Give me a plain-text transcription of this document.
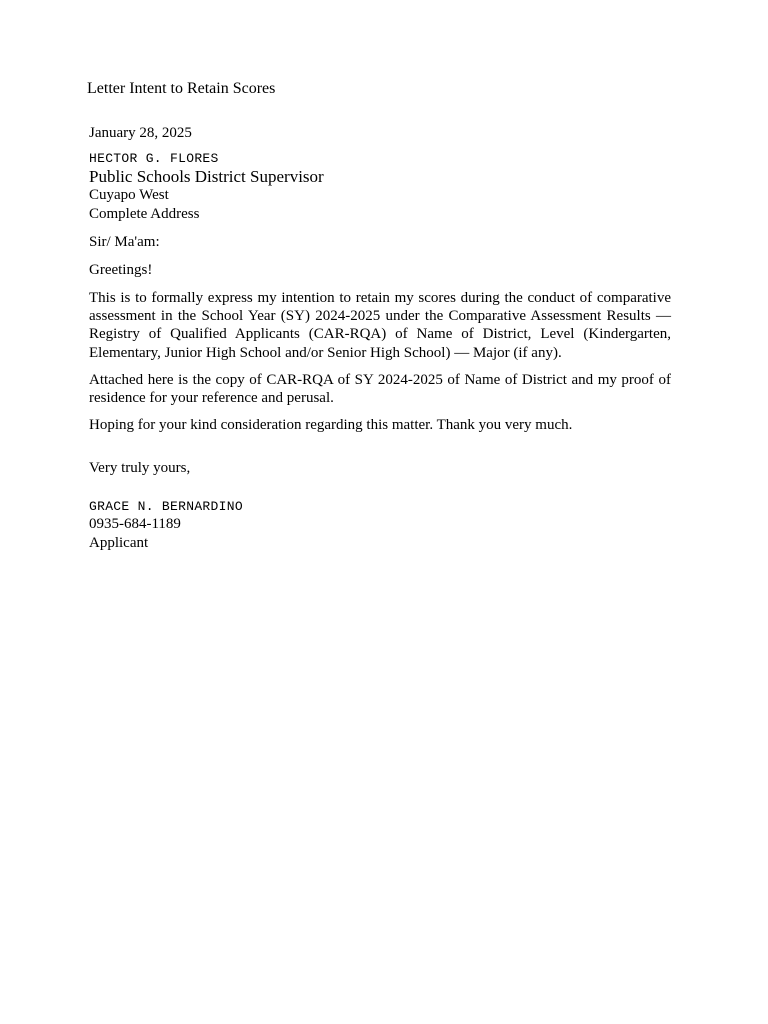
Letter Intent to Retain Scores
January 28, 2025
HECTOR G. FLORES
Public Schools District Supervisor
Cuyapo West
Complete Address
Sir/ Ma'am:
Greetings!
This is to formally express my intention to retain my scores during the conduct of comparative assessment in the School Year (SY) 2024-2025 under the Comparative Assessment Results — Registry of Qualified Applicants (CAR-RQA) of Name of District, Level (Kindergarten, Elementary, Junior High School and/or Senior High School) — Major (if any).
Attached here is the copy of CAR-RQA of SY 2024-2025 of Name of District and my proof of residence for your reference and perusal.
Hoping for your kind consideration regarding this matter. Thank you very much.
Very truly yours,
GRACE N. BERNARDINO
0935-684-1189
Applicant
